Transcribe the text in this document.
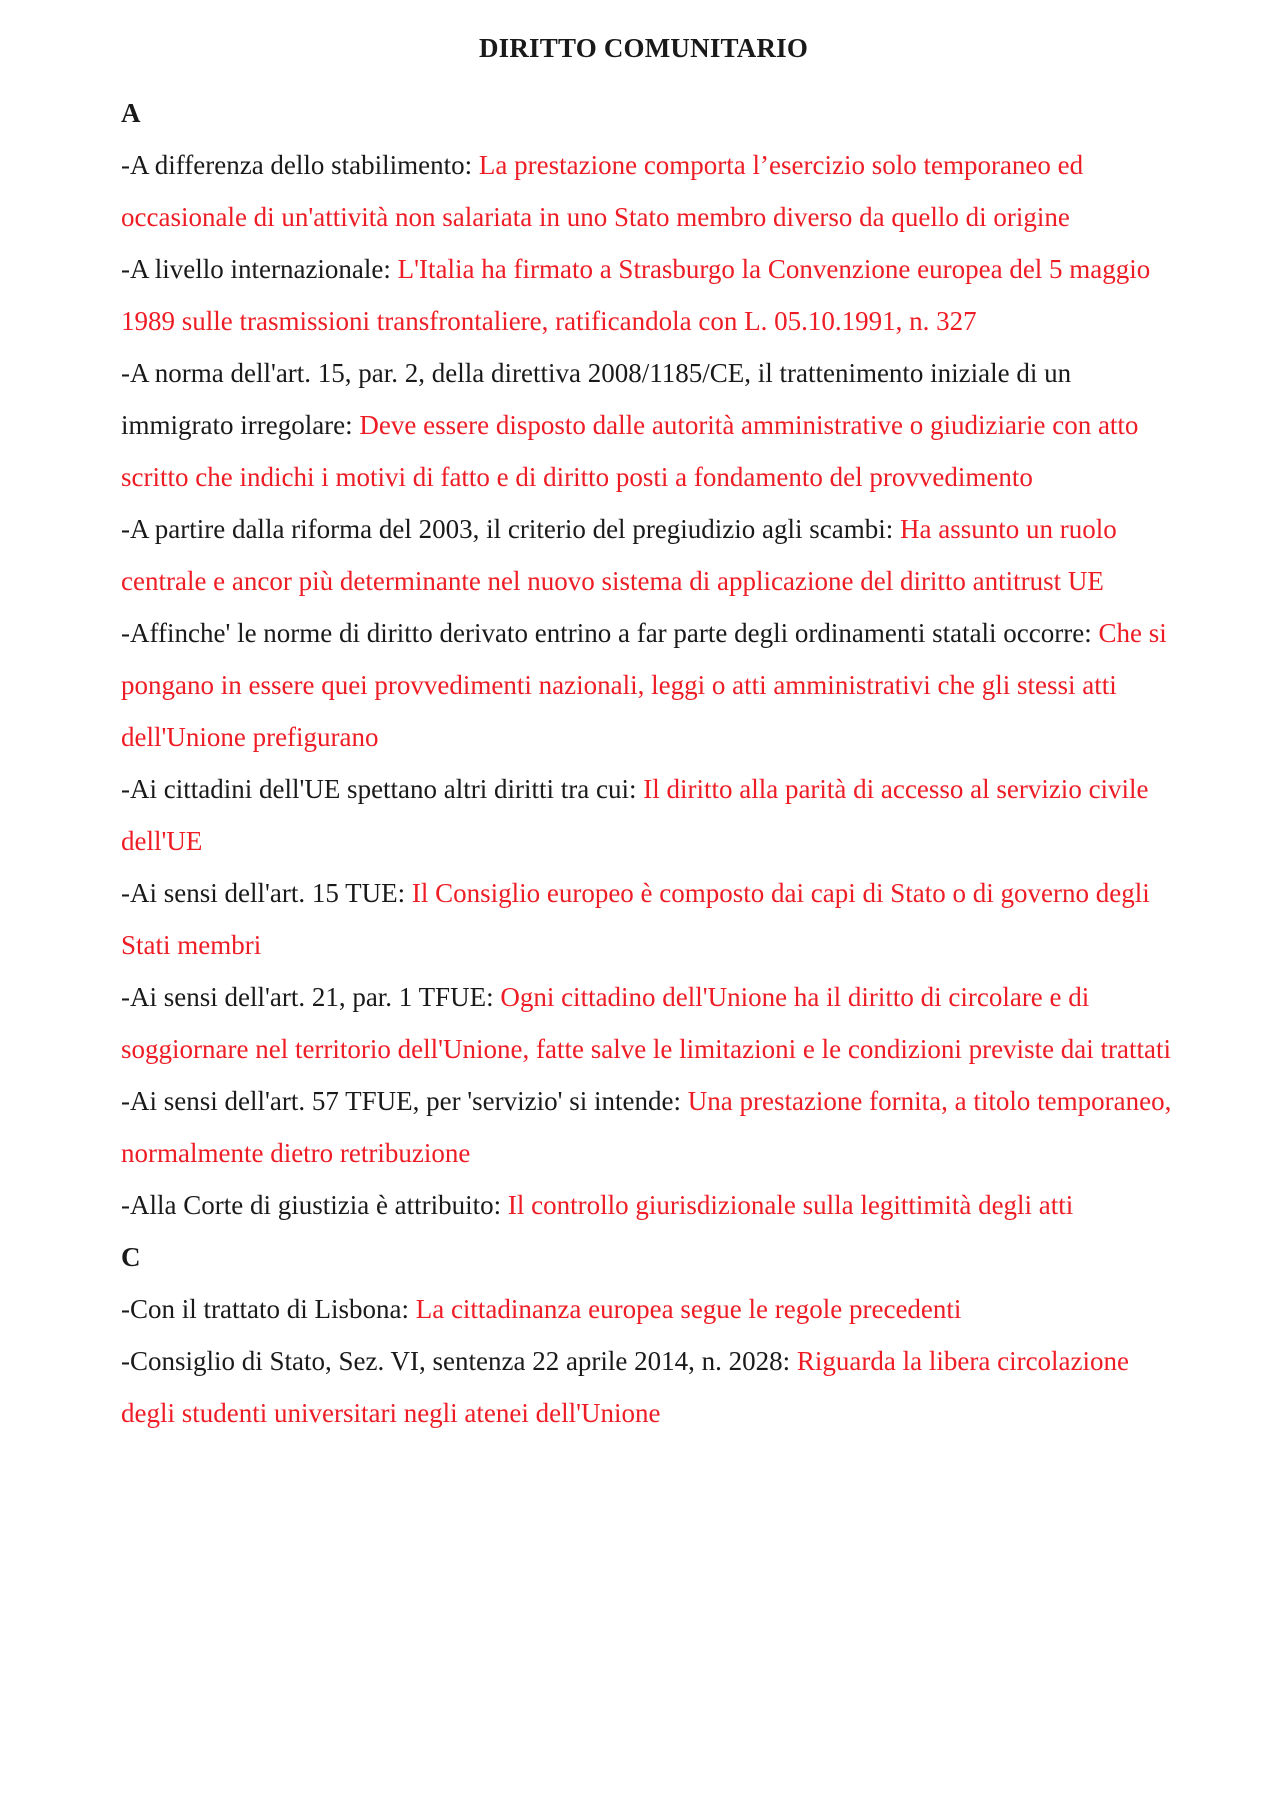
DIRITTO COMUNITARIO
A
-A differenza dello stabilimento: La prestazione comporta l’esercizio solo temporaneo ed occasionale di un'attività non salariata in uno Stato membro diverso da quello di origine
-A livello internazionale: L'Italia ha firmato a Strasburgo la Convenzione europea del 5 maggio 1989 sulle trasmissioni transfrontaliere, ratificandola con L. 05.10.1991, n. 327
-A norma dell'art. 15, par. 2, della direttiva 2008/1185/CE, il trattenimento iniziale di un immigrato irregolare: Deve essere disposto dalle autorità amministrative o giudiziarie con atto scritto che indichi i motivi di fatto e di diritto posti a fondamento del provvedimento
-A partire dalla riforma del 2003, il criterio del pregiudizio agli scambi: Ha assunto un ruolo centrale e ancor più determinante nel nuovo sistema di applicazione del diritto antitrust UE
-Affinche' le norme di diritto derivato entrino a far parte degli ordinamenti statali occorre: Che si pongano in essere quei provvedimenti nazionali, leggi o atti amministrativi che gli stessi atti dell'Unione prefigurano
-Ai cittadini dell'UE spettano altri diritti tra cui: Il diritto alla parità di accesso al servizio civile dell'UE
-Ai sensi dell'art. 15 TUE: Il Consiglio europeo è composto dai capi di Stato o di governo degli Stati membri
-Ai sensi dell'art. 21, par. 1 TFUE: Ogni cittadino dell'Unione ha il diritto di circolare e di soggiornare nel territorio dell'Unione, fatte salve le limitazioni e le condizioni previste dai trattati
-Ai sensi dell'art. 57 TFUE, per 'servizio' si intende: Una prestazione fornita, a titolo temporaneo, normalmente dietro retribuzione
-Alla Corte di giustizia è attribuito: Il controllo giurisdizionale sulla legittimità degli atti
C
-Con il trattato di Lisbona: La cittadinanza europea segue le regole precedenti
-Consiglio di Stato, Sez. VI, sentenza 22 aprile 2014, n. 2028: Riguarda la libera circolazione degli studenti universitari negli atenei dell'Unione
